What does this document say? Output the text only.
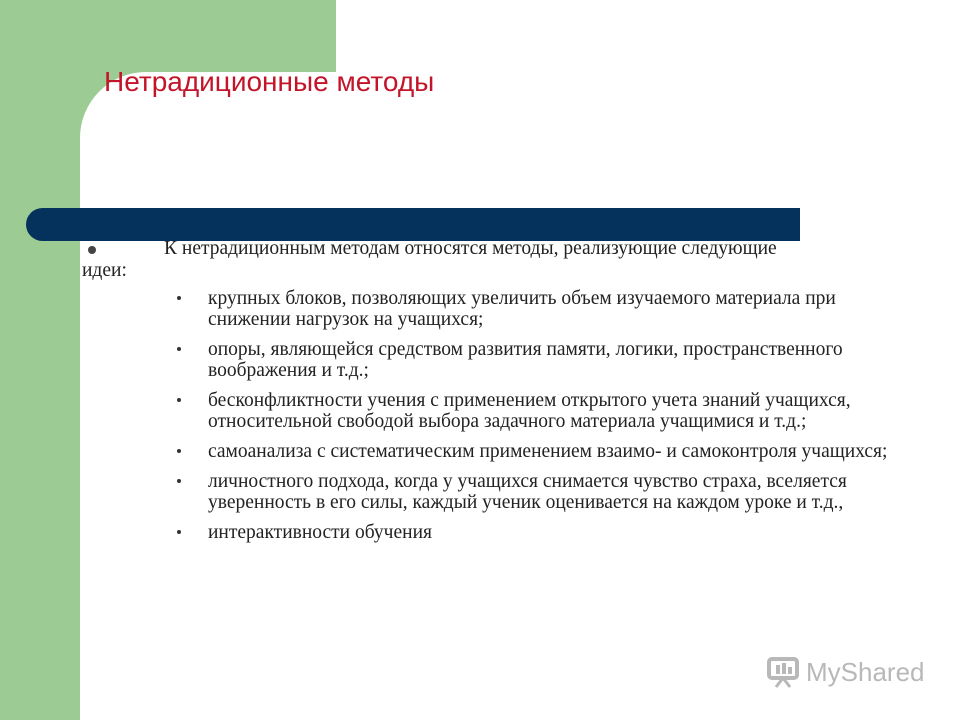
Нетрадиционные методы

К нетрадиционным методам относятся методы, реализующие следующие идеи:

крупных блоков, позволяющих увеличить объем изучаемого материала при снижении нагрузок на учащихся;
опоры, являющейся средством развития памяти, логики, пространственного воображения и т.д.;
бесконфликтности учения с применением открытого учета знаний учащихся, относительной свободой выбора задачного материала учащимися и т.д.;
самоанализа с систематическим применением взаимо- и самоконтроля учащихся;
личностного подхода, когда у учащихся снимается чувство страха, вселяется уверенность в его силы, каждый ученик оценивается на каждом уроке и т.д.,
интерактивности обучения
MyShared
